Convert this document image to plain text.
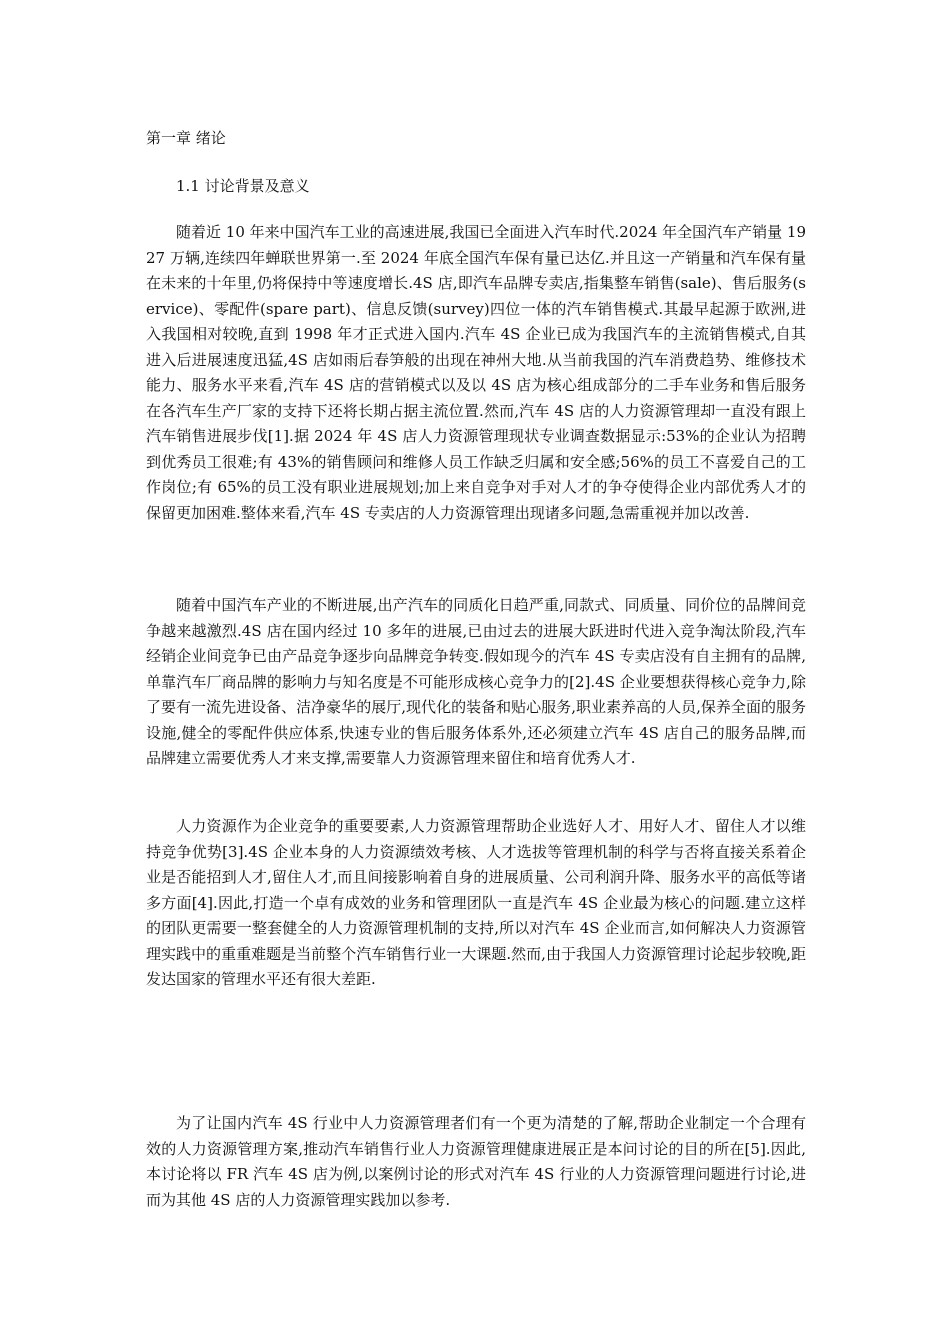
第一章 绪论
1.1 讨论背景及意义

随着近 10 年来中国汽车工业的高速进展,我国已全面进入汽车时代.2024 年全国汽车产销量 1927 万辆,连续四年蝉联世界第一.至 2024 年底全国汽车保有量已达亿.并且这一产销量和汽车保有量在未来的十年里,仍将保持中等速度增长.4S 店,即汽车品牌专卖店,指集整车销售(sale)、售后服务(service)、零配件(spare part)、信息反馈(survey)四位一体的汽车销售模式.其最早起源于欧洲,进入我国相对较晚,直到 1998 年才正式进入国内.汽车 4S 企业已成为我国汽车的主流销售模式,自其进入后进展速度迅猛,4S 店如雨后春笋般的出现在神州大地.从当前我国的汽车消费趋势、维修技术能力、服务水平来看,汽车 4S 店的营销模式以及以 4S 店为核心组成部分的二手车业务和售后服务在各汽车生产厂家的支持下还将长期占据主流位置.然而,汽车 4S 店的人力资源管理却一直没有跟上汽车销售进展步伐[1].据 2024 年 4S 店人力资源管理现状专业调查数据显示:53%的企业认为招聘到优秀员工很难;有 43%的销售顾问和维修人员工作缺乏归属和安全感;56%的员工不喜爱自己的工作岗位;有 65%的员工没有职业进展规划;加上来自竞争对手对人才的争夺使得企业内部优秀人才的保留更加困难.整体来看,汽车 4S 专卖店的人力资源管理出现诸多问题,急需重视并加以改善.

随着中国汽车产业的不断进展,出产汽车的同质化日趋严重,同款式、同质量、同价位的品牌间竞争越来越激烈.4S 店在国内经过 10 多年的进展,已由过去的进展大跃进时代进入竞争淘汰阶段,汽车经销企业间竞争已由产品竞争逐步向品牌竞争转变.假如现今的汽车 4S 专卖店没有自主拥有的品牌,单靠汽车厂商品牌的影响力与知名度是不可能形成核心竞争力的[2].4S 企业要想获得核心竞争力,除了要有一流先进设备、洁净豪华的展厅,现代化的装备和贴心服务,职业素养高的人员,保养全面的服务设施,健全的零配件供应体系,快速专业的售后服务体系外,还必须建立汽车 4S 店自己的服务品牌,而品牌建立需要优秀人才来支撑,需要靠人力资源管理来留住和培育优秀人才.

人力资源作为企业竞争的重要要素,人力资源管理帮助企业选好人才、用好人才、留住人才以维持竞争优势[3].4S 企业本身的人力资源绩效考核、人才选拔等管理机制的科学与否将直接关系着企业是否能招到人才,留住人才,而且间接影响着自身的进展质量、公司利润升降、服务水平的高低等诸多方面[4].因此,打造一个卓有成效的业务和管理团队一直是汽车 4S 企业最为核心的问题.建立这样的团队更需要一整套健全的人力资源管理机制的支持,所以对汽车 4S 企业而言,如何解决人力资源管理实践中的重重难题是当前整个汽车销售行业一大课题.然而,由于我国人力资源管理讨论起步较晚,距发达国家的管理水平还有很大差距.

为了让国内汽车 4S 行业中人力资源管理者们有一个更为清楚的了解,帮助企业制定一个合理有效的人力资源管理方案,推动汽车销售行业人力资源管理健康进展正是本问讨论的目的所在[5].因此,本讨论将以 FR 汽车 4S 店为例,以案例讨论的形式对汽车 4S 行业的人力资源管理问题进行讨论,进而为其他 4S 店的人力资源管理实践加以参考.
